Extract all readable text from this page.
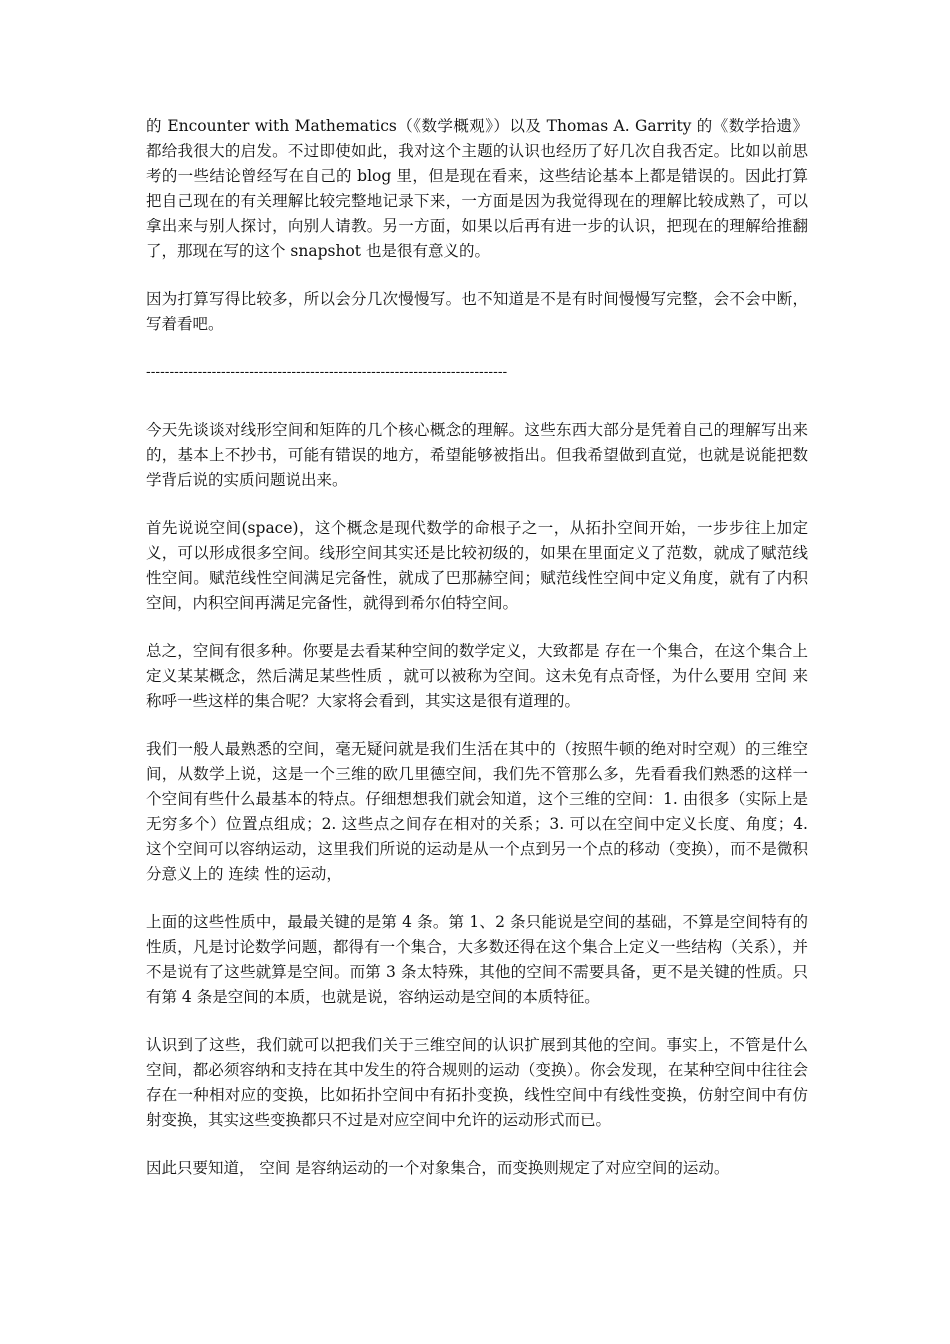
的 Encounter with Mathematics（《数学概观》）以及 Thomas A. Garrity 的《数学拾遗》都给我很大的启发。不过即使如此，我对这个主题的认识也经历了好几次自我否定。比如以前思考的一些结论曾经写在自己的 blog 里，但是现在看来，这些结论基本上都是错误的。因此打算把自己现在的有关理解比较完整地记录下来，一方面是因为我觉得现在的理解比较成熟了，可以拿出来与别人探讨，向别人请教。另一方面，如果以后再有进一步的认识，把现在的理解给推翻了，那现在写的这个 snapshot 也是很有意义的。

因为打算写得比较多，所以会分几次慢慢写。也不知道是不是有时间慢慢写完整，会不会中断，写着看吧。

-----------------------------------------------------------------------------

今天先谈谈对线形空间和矩阵的几个核心概念的理解。这些东西大部分是凭着自己的理解写出来的，基本上不抄书，可能有错误的地方，希望能够被指出。但我希望做到直觉，也就是说能把数学背后说的实质问题说出来。

首先说说空间(space)，这个概念是现代数学的命根子之一，从拓扑空间开始，一步步往上加定义，可以形成很多空间。线形空间其实还是比较初级的，如果在里面定义了范数，就成了赋范线性空间。赋范线性空间满足完备性，就成了巴那赫空间；赋范线性空间中定义角度，就有了内积空间，内积空间再满足完备性，就得到希尔伯特空间。

总之，空间有很多种。你要是去看某种空间的数学定义，大致都是 存在一个集合，在这个集合上定义某某概念，然后满足某些性质 ，就可以被称为空间。这未免有点奇怪，为什么要用 空间 来称呼一些这样的集合呢？大家将会看到，其实这是很有道理的。

我们一般人最熟悉的空间，毫无疑问就是我们生活在其中的（按照牛顿的绝对时空观）的三维空间，从数学上说，这是一个三维的欧几里德空间，我们先不管那么多，先看看我们熟悉的这样一个空间有些什么最基本的特点。仔细想想我们就会知道，这个三维的空间：1. 由很多（实际上是无穷多个）位置点组成；2. 这些点之间存在相对的关系；3. 可以在空间中定义长度、角度；4. 这个空间可以容纳运动，这里我们所说的运动是从一个点到另一个点的移动（变换），而不是微积分意义上的 连续 性的运动，

上面的这些性质中，最最关键的是第 4 条。第 1、2 条只能说是空间的基础，不算是空间特有的性质，凡是讨论数学问题，都得有一个集合，大多数还得在这个集合上定义一些结构（关系），并不是说有了这些就算是空间。而第 3 条太特殊，其他的空间不需要具备，更不是关键的性质。只有第 4 条是空间的本质，也就是说，容纳运动是空间的本质特征。

认识到了这些，我们就可以把我们关于三维空间的认识扩展到其他的空间。事实上，不管是什么空间，都必须容纳和支持在其中发生的符合规则的运动（变换）。你会发现，在某种空间中往往会存在一种相对应的变换，比如拓扑空间中有拓扑变换，线性空间中有线性变换，仿射空间中有仿射变换，其实这些变换都只不过是对应空间中允许的运动形式而已。

因此只要知道， 空间 是容纳运动的一个对象集合，而变换则规定了对应空间的运动。
